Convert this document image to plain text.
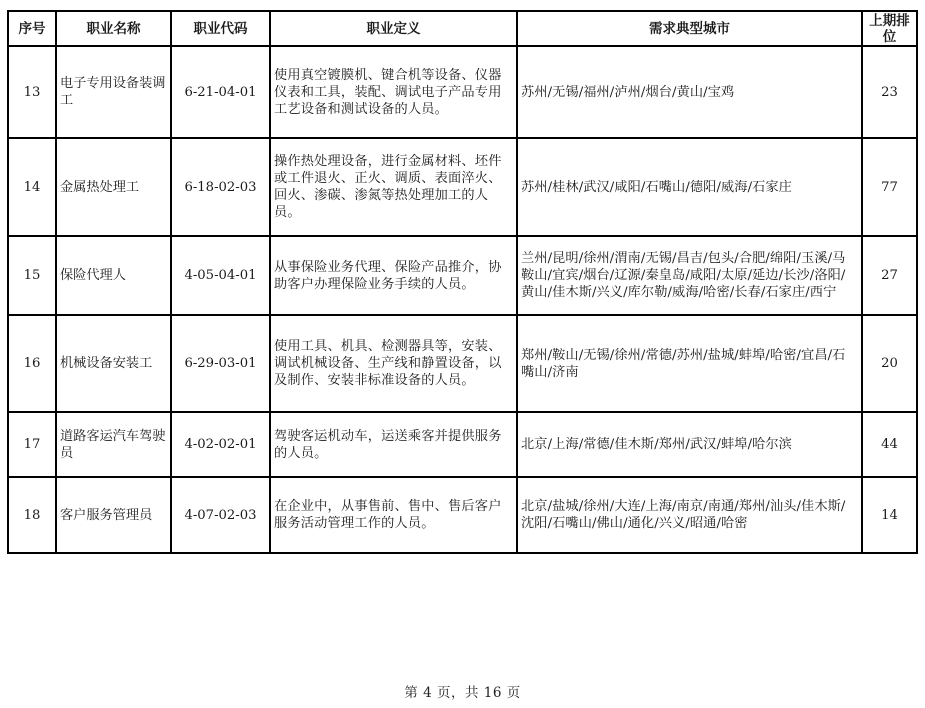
序号	职业名称	职业代码	职业定义	需求典型城市	上期排位
13	电子专用设备装调工	6-21-04-01	使用真空镀膜机、键合机等设备、仪器仪表和工具，装配、调试电子产品专用工艺设备和测试设备的人员。	苏州/无锡/福州/泸州/烟台/黄山/宝鸡	23
14	金属热处理工	6-18-02-03	操作热处理设备，进行金属材料、坯件或工件退火、正火、调质、表面淬火、回火、渗碳、渗氮等热处理加工的人员。	苏州/桂林/武汉/咸阳/石嘴山/德阳/威海/石家庄	77
15	保险代理人	4-05-04-01	从事保险业务代理、保险产品推介，协助客户办理保险业务手续的人员。	兰州/昆明/徐州/渭南/无锡/昌吉/包头/合肥/绵阳/玉溪/马鞍山/宜宾/烟台/辽源/秦皇岛/咸阳/太原/延边/长沙/洛阳/黄山/佳木斯/兴义/库尔勒/威海/哈密/长春/石家庄/西宁	27
16	机械设备安装工	6-29-03-01	使用工具、机具、检测器具等，安装、调试机械设备、生产线和静置设备，以及制作、安装非标准设备的人员。	郑州/鞍山/无锡/徐州/常德/苏州/盐城/蚌埠/哈密/宜昌/石嘴山/济南	20
17	道路客运汽车驾驶员	4-02-02-01	驾驶客运机动车，运送乘客并提供服务的人员。	北京/上海/常德/佳木斯/郑州/武汉/蚌埠/哈尔滨	44
18	客户服务管理员	4-07-02-03	在企业中，从事售前、售中、售后客户服务活动管理工作的人员。	北京/盐城/徐州/大连/上海/南京/南通/郑州/汕头/佳木斯/沈阳/石嘴山/佛山/通化/兴义/昭通/哈密	14
第 4 页，共 16 页
